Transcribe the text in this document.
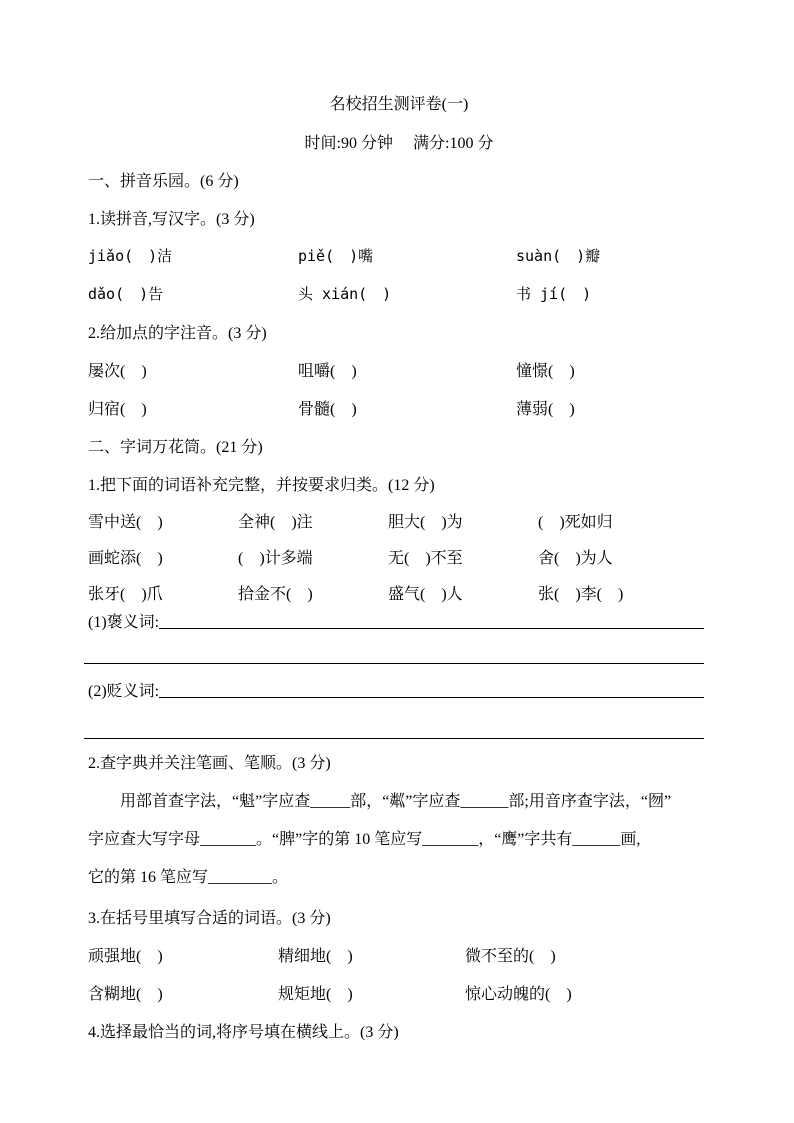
名校招生测评卷(一)
时间:90 分钟　 满分:100 分
一、拼音乐园。(6 分)
1.读拼音,写汉字。(3 分)
jiǎo(　)洁	piě(　)嘴	suàn(　)瓣
dǎo(　)告	头 xián(　)	书 jí(　)
2.给加点的字注音。(3 分)
屡次(　)	咀嚼(　)	憧憬(　)
归宿(　)	骨髓(　)	薄弱(　)
二、字词万花筒。(21 分)
1.把下面的词语补充完整，并按要求归类。(12 分)
雪中送(　)	全神(　)注	胆大(　)为	(　)死如归
画蛇添(　)	(　)计多端	无(　)不至	舍(　)为人
张牙(　)爪	拾金不(　)	盛气(　)人	张(　)李(　)
(1)褒义词:
(2)贬义词:
2.查字典并关注笔画、笔顺。(3 分)
用部首查字法，“魁”字应查_____部，“粼”字应查______部;用音序查字法，“囫”
字应查大写字母_______。“脾”字的第 10 笔应写_______，“鹰”字共有______画,
它的第 16 笔应写________。
3.在括号里填写合适的词语。(3 分)
顽强地(　)	精细地(　)	微不至的(　)
含糊地(　)	规矩地(　)	惊心动魄的(　)
4.选择最恰当的词,将序号填在横线上。(3 分)
